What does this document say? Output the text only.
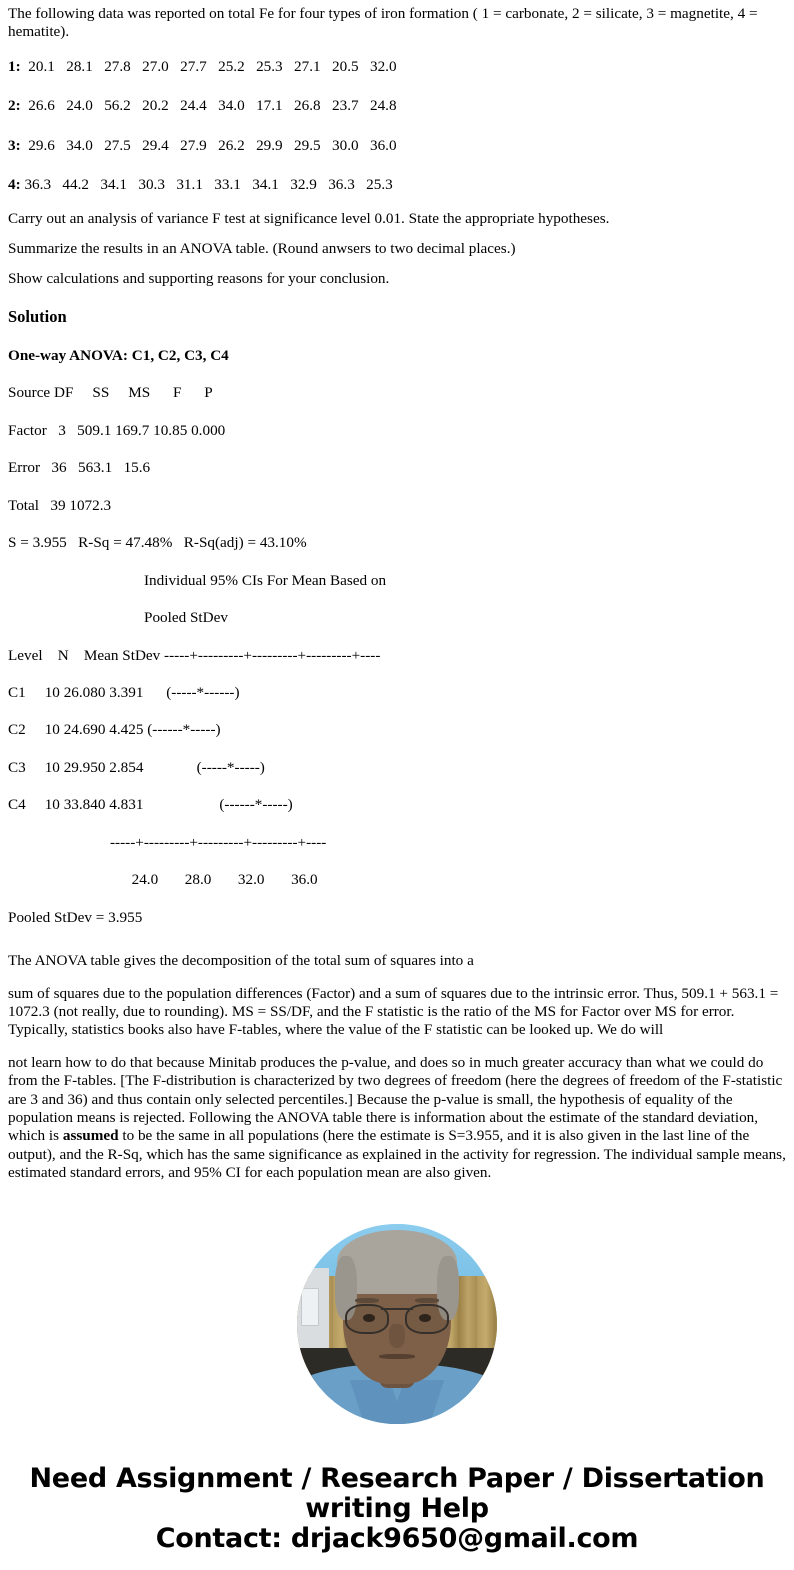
The following data was reported on total Fe for four types of iron formation ( 1 = carbonate, 2 = silicate, 3 = magnetite, 4 = hematite).

1:  20.1   28.1   27.8   27.0   27.7   25.2   25.3   27.1   20.5   32.0
2:  26.6   24.0   56.2   20.2   24.4   34.0   17.1   26.8   23.7   24.8
3:  29.6   34.0   27.5   29.4   27.9   26.2   29.9   29.5   30.0   36.0
4: 36.3   44.2   34.1   30.3   31.1   33.1   34.1   32.9   36.3   25.3

Carry out an analysis of variance F test at significance level 0.01. State the appropriate hypotheses.

Summarize the results in an ANOVA table. (Round anwsers to two decimal places.)

Show calculations and supporting reasons for your conclusion.

Solution
One-way ANOVA: C1, C2, C3, C4
Source DF     SS     MS      F      P
Factor   3   509.1 169.7 10.85 0.000
Error   36   563.1   15.6
Total   39 1072.3
S = 3.955   R-Sq = 47.48%   R-Sq(adj) = 43.10%
Individual 95% CIs For Mean Based on
Pooled StDev
Level    N    Mean StDev -----+---------+---------+---------+----
C1     10 26.080 3.391      (-----*------)
C2     10 24.690 4.425 (------*-----)
C3     10 29.950 2.854              (-----*-----)
C4     10 33.840 4.831                    (------*-----)
-----+---------+---------+---------+----
24.0       28.0       32.0       36.0
Pooled StDev = 3.955

The ANOVA table gives the decomposition of the total sum of squares into a

sum of squares due to the population differences (Factor) and a sum of squares due to the intrinsic error. Thus, 509.1 + 563.1 = 1072.3 (not really, due to rounding). MS = SS/DF, and the F statistic is the ratio of the MS for Factor over MS for error. Typically, statistics books also have F-tables, where the value of the F statistic can be looked up. We do will

not learn how to do that because Minitab produces the p-value, and does so in much greater accuracy than what we could do from the F-tables. [The F-distribution is characterized by two degrees of freedom (here the degrees of freedom of the F-statistic are 3 and 36) and thus contain only selected percentiles.] Because the p-value is small, the hypothesis of equality of the population means is rejected. Following the ANOVA table there is information about the estimate of the standard deviation, which is assumed to be the same in all populations (here the estimate is S=3.955, and it is also given in the last line of the output), and the R-Sq, which has the same significance as explained in the activity for regression. The individual sample means, estimated standard errors, and 95% CI for each population mean are also given.

Need Assignment / Research Paper / Dissertation
writing Help
Contact: drjack9650@gmail.com
